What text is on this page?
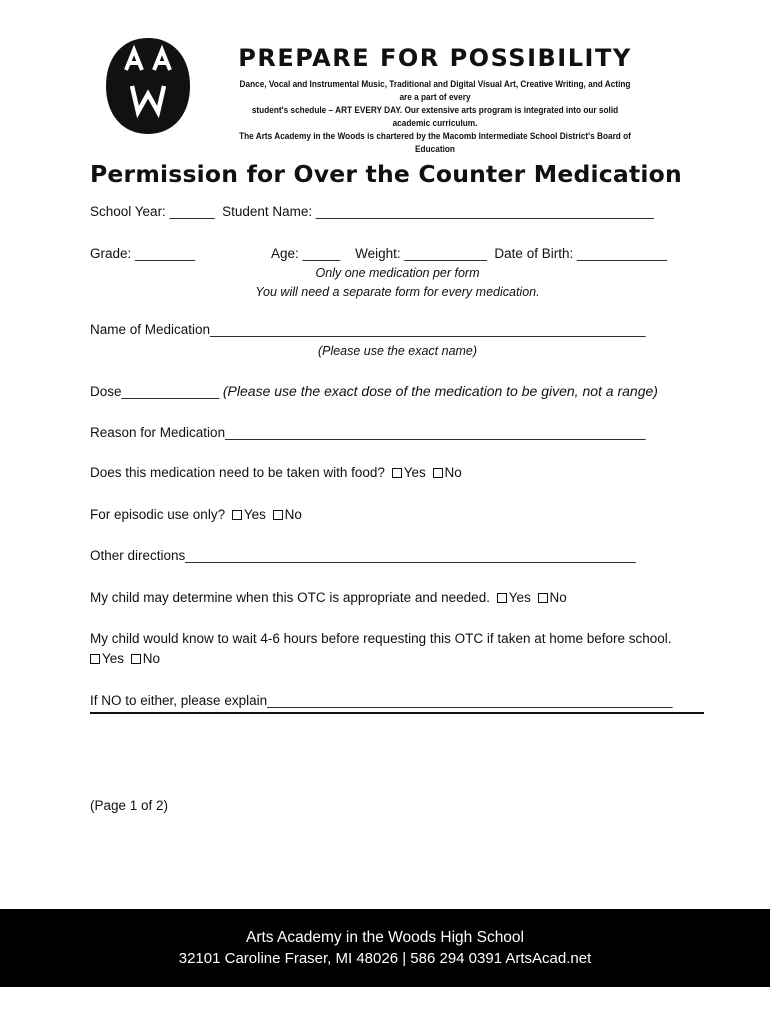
PREPARE FOR POSSIBILITY

Dance, Vocal and Instrumental Music, Traditional and Digital Visual Art, Creative Writing, and Acting are a part of every
student's schedule – ART EVERY DAY. Our extensive arts program is integrated into our solid academic curriculum.
The Arts Academy in the Woods is chartered by the Macomb Intermediate School District's Board of Education

Permission for Over the Counter Medication
School Year: ______  Student Name: _____________________________________________
Grade: ________	Age: _____    Weight: ___________  Date of Birth: ____________
Only one medication per form
You will need a separate form for every medication.
Name of Medication__________________________________________________________
(Please use the exact name)
Dose_____________ (Please use the exact dose of the medication to be given, not a range)
Reason for Medication________________________________________________________
Does this medication need to be taken with food? Yes No
For episodic use only? Yes No
Other directions____________________________________________________________
My child may determine when this OTC is appropriate and needed. Yes No
My child would know to wait 4-6 hours before requesting this OTC if taken at home before school.
Yes No
If NO to either, please explain______________________________________________________
(Page 1 of 2)
Arts Academy in the Woods High School
32101 Caroline Fraser, MI 48026 | 586 294 0391 ArtsAcad.net
